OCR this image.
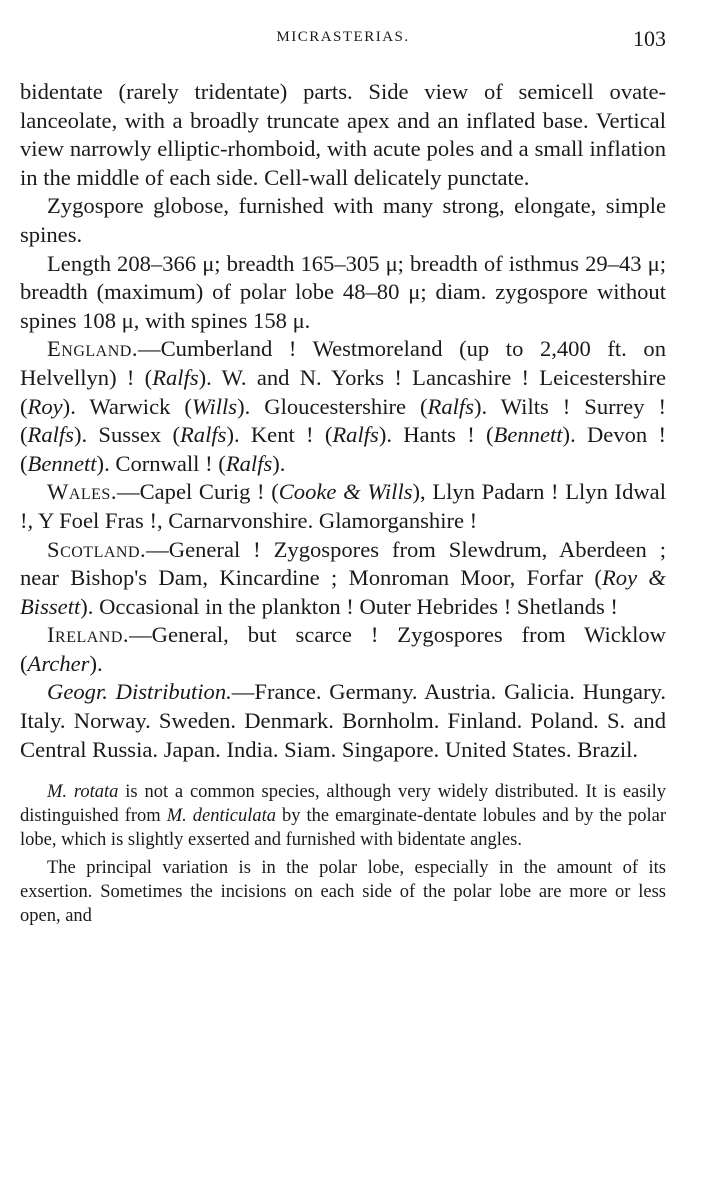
MICRASTERIAS.	103

bidentate (rarely tridentate) parts. Side view of semicell ovate-lanceolate, with a broadly truncate apex and an inflated base. Vertical view narrowly elliptic-rhomboid, with acute poles and a small inflation in the middle of each side. Cell-wall delicately punctate.

Zygospore globose, furnished with many strong, elongate, simple spines.

Length 208–366 μ; breadth 165–305 μ; breadth of isthmus 29–43 μ; breadth (maximum) of polar lobe 48–80 μ; diam. zygospore without spines 108 μ, with spines 158 μ.

England.—Cumberland ! Westmoreland (up to 2,400 ft. on Helvellyn) ! (Ralfs). W. and N. Yorks ! Lancashire ! Leicestershire (Roy). Warwick (Wills). Gloucestershire (Ralfs). Wilts ! Surrey ! (Ralfs). Sussex (Ralfs). Kent ! (Ralfs). Hants ! (Bennett). Devon ! (Bennett). Cornwall ! (Ralfs).

Wales.—Capel Curig ! (Cooke & Wills), Llyn Padarn ! Llyn Idwal !, Y Foel Fras !, Carnarvonshire. Glamorganshire !

Scotland.—General ! Zygospores from Slewdrum, Aberdeen ; near Bishop's Dam, Kincardine ; Monroman Moor, Forfar (Roy & Bissett). Occasional in the plankton ! Outer Hebrides ! Shetlands !

Ireland.—General, but scarce ! Zygospores from Wicklow (Archer).

Geogr. Distribution.—France. Germany. Austria. Galicia. Hungary. Italy. Norway. Sweden. Denmark. Bornholm. Finland. Poland. S. and Central Russia. Japan. India. Siam. Singapore. United States. Brazil.

M. rotata is not a common species, although very widely distributed. It is easily distinguished from M. denticulata by the emarginate-dentate lobules and by the polar lobe, which is slightly exserted and furnished with bidentate angles.

The principal variation is in the polar lobe, especially in the amount of its exsertion. Sometimes the incisions on each side of the polar lobe are more or less open, and
